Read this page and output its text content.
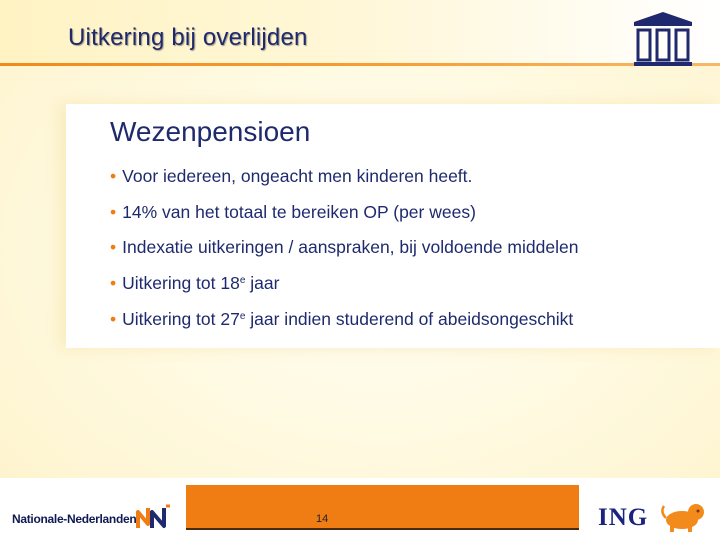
Uitkering bij overlijden
Wezenpensioen
• Voor iedereen, ongeacht men kinderen heeft.
• 14% van het totaal te bereiken OP (per wees)
• Indexatie uitkeringen / aanspraken, bij voldoende middelen
• Uitkering tot 18e jaar
• Uitkering tot 27e jaar indien studerend of abeidsongeschikt
Nationale-Nederlanden	14	ING
